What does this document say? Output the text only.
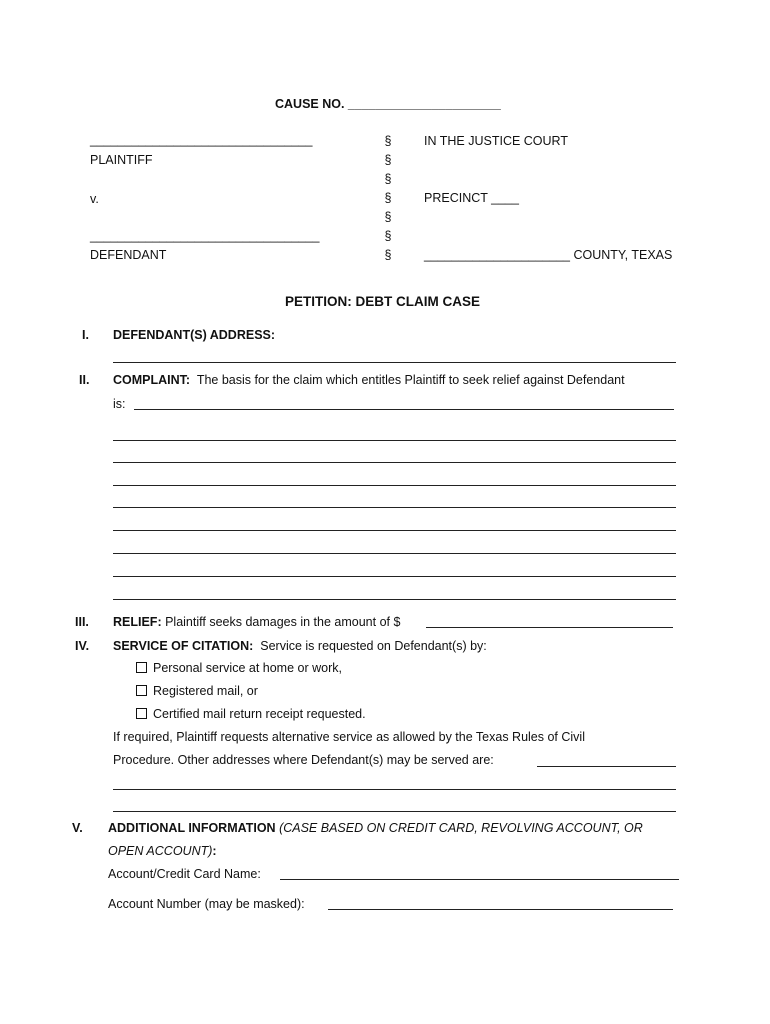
CAUSE NO. ______________________
________________________________
PLAINTIFF
v.
_________________________________
DEFENDANT
§
§
§
§
§
§
§
IN THE JUSTICE COURT
PRECINCT ____
_____________________ COUNTY, TEXAS
PETITION: DEBT CLAIM CASE
I. DEFENDANT(S) ADDRESS:
II. COMPLAINT: The basis for the claim which entitles Plaintiff to seek relief against Defendant
is:
III. RELIEF: Plaintiff seeks damages in the amount of $
IV. SERVICE OF CITATION: Service is requested on Defendant(s) by:
Personal service at home or work,
Registered mail, or
Certified mail return receipt requested.
If required, Plaintiff requests alternative service as allowed by the Texas Rules of Civil
Procedure. Other addresses where Defendant(s) may be served are:
V. ADDITIONAL INFORMATION (CASE BASED ON CREDIT CARD, REVOLVING ACCOUNT, OR
OPEN ACCOUNT):
Account/Credit Card Name:
Account Number (may be masked):
